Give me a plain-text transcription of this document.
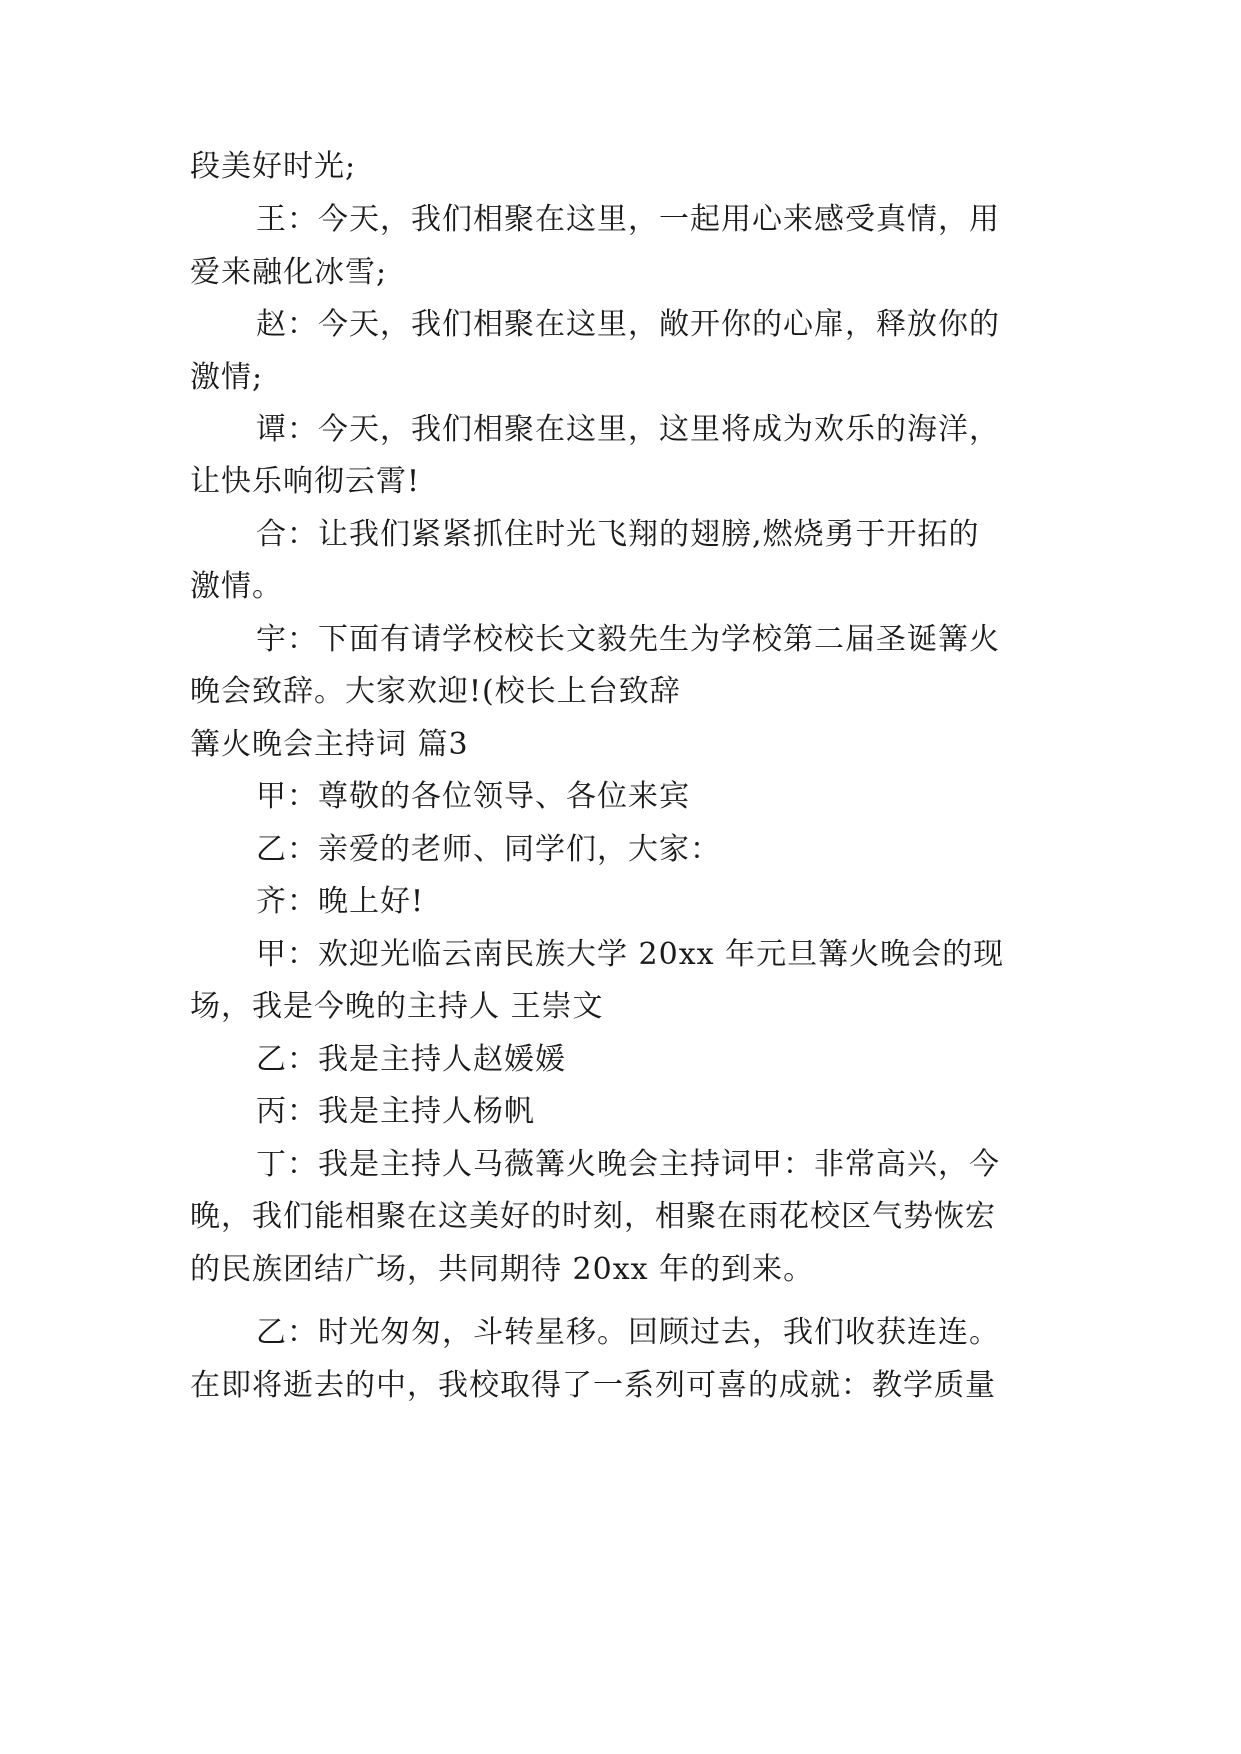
段美好时光;
王：今天，我们相聚在这里，一起用心来感受真情，用
爱来融化冰雪;
赵：今天，我们相聚在这里，敞开你的心扉，释放你的
激情;
谭：今天，我们相聚在这里，这里将成为欢乐的海洋，
让快乐响彻云霄!
合：让我们紧紧抓住时光飞翔的翅膀,燃烧勇于开拓的
激情。
宇：下面有请学校校长文毅先生为学校第二届圣诞篝火
晚会致辞。大家欢迎!(校长上台致辞
篝火晚会主持词 篇3
甲：尊敬的各位领导、各位来宾
乙：亲爱的老师、同学们，大家：
齐：晚上好!
甲：欢迎光临云南民族大学 20xx 年元旦篝火晚会的现
场，我是今晚的主持人 王崇文
乙：我是主持人赵媛媛
丙：我是主持人杨帆
丁：我是主持人马薇篝火晚会主持词甲：非常高兴，今
晚，我们能相聚在这美好的时刻，相聚在雨花校区气势恢宏
的民族团结广场，共同期待 20xx 年的到来。
乙：时光匆匆，斗转星移。回顾过去，我们收获连连。
在即将逝去的中，我校取得了一系列可喜的成就：教学质量
